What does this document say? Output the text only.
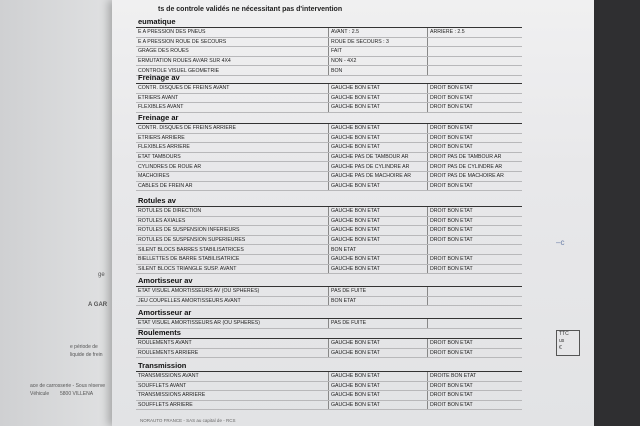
ge
A GAR
e période de
liquide de frein
ace de carrosserie - Sous réserve
Véhicule 5800 VILLENA
ts de controle validés ne nécessitant pas d'intervention
eumatique
E A PRESSION DES PNEUS	AVANT : 2.5	ARRIERE : 2.5
E A PRESSION ROUE DE SECOURS	ROUE DE SECOURS : 3	
GRAGE DES ROUES	FAIT	
ERMUTATION ROUES AV/AR SUR 4X4	NON - 4X2	
CONTROLE VISUEL GEOMETRIE	BON	
Freinage av
CONTR. DISQUES DE FREINS AVANT	GAUCHE BON ETAT	DROIT BON ETAT
ETRIERS AVANT	GAUCHE BON ETAT	DROIT BON ETAT
FLEXIBLES AVANT	GAUCHE BON ETAT	DROIT BON ETAT
Freinage ar
CONTR. DISQUES DE FREINS ARRIERE	GAUCHE BON ETAT	DROIT BON ETAT
ETRIERS ARRIERE	GAUCHE BON ETAT	DROIT BON ETAT
FLEXIBLES ARRIERE	GAUCHE BON ETAT	DROIT BON ETAT
ETAT TAMBOURS	GAUCHE PAS DE TAMBOUR AR	DROIT PAS DE TAMBOUR AR
CYLINDRES DE ROUE AR	GAUCHE PAS DE CYLINDRE AR	DROIT PAS DE CYLINDRE AR
MACHOIRES	GAUCHE PAS DE MACHOIRE AR	DROIT PAS DE MACHOIRE AR
CABLES DE FREIN AR	GAUCHE BON ETAT	DROIT BON ETAT
Rotules av
ROTULES DE DIRECTION	GAUCHE BON ETAT	DROIT BON ETAT
ROTULES AXIALES	GAUCHE BON ETAT	DROIT BON ETAT
ROTULES DE SUSPENSION INFERIEURS	GAUCHE BON ETAT	DROIT BON ETAT
ROTULES DE SUSPENSION SUPERIEURES	GAUCHE BON ETAT	DROIT BON ETAT
SILENT BLOCS BARRES STABILISATRICES	BON ETAT	
BIELLETTES DE BARRE STABILISATRICE	GAUCHE BON ETAT	DROIT BON ETAT
SILENT BLOCS TRIANGLE SUSP. AVANT	GAUCHE BON ETAT	DROIT BON ETAT
Amortisseur av
ETAT VISUEL AMORTISSEURS AV (OU SPHERES)	PAS DE FUITE	
JEU COUPELLES AMORTISSEURS AVANT	BON ETAT	
Amortisseur ar
ETAT VISUEL AMORTISSEURS AR (OU SPHERES)	PAS DE FUITE	
Roulements
ROULEMENTS AVANT	GAUCHE BON ETAT	DROIT BON ETAT
ROULEMENTS ARRIERE	GAUCHE BON ETAT	DROIT BON ETAT
Transmission
TRANSMISSIONS AVANT	GAUCHE BON ETAT	DROITE BON ETAT
SOUFFLETS AVANT	GAUCHE BON ETAT	DROIT BON ETAT
TRANSMISSIONS ARRIERE	GAUCHE BON ETAT	DROIT BON ETAT
SOUFFLETS ARRIERE	GAUCHE BON ETAT	DROIT BON ETAT
NORAUTO FRANCE - SAS au capital de - RCS
–c
TTC
us
€
